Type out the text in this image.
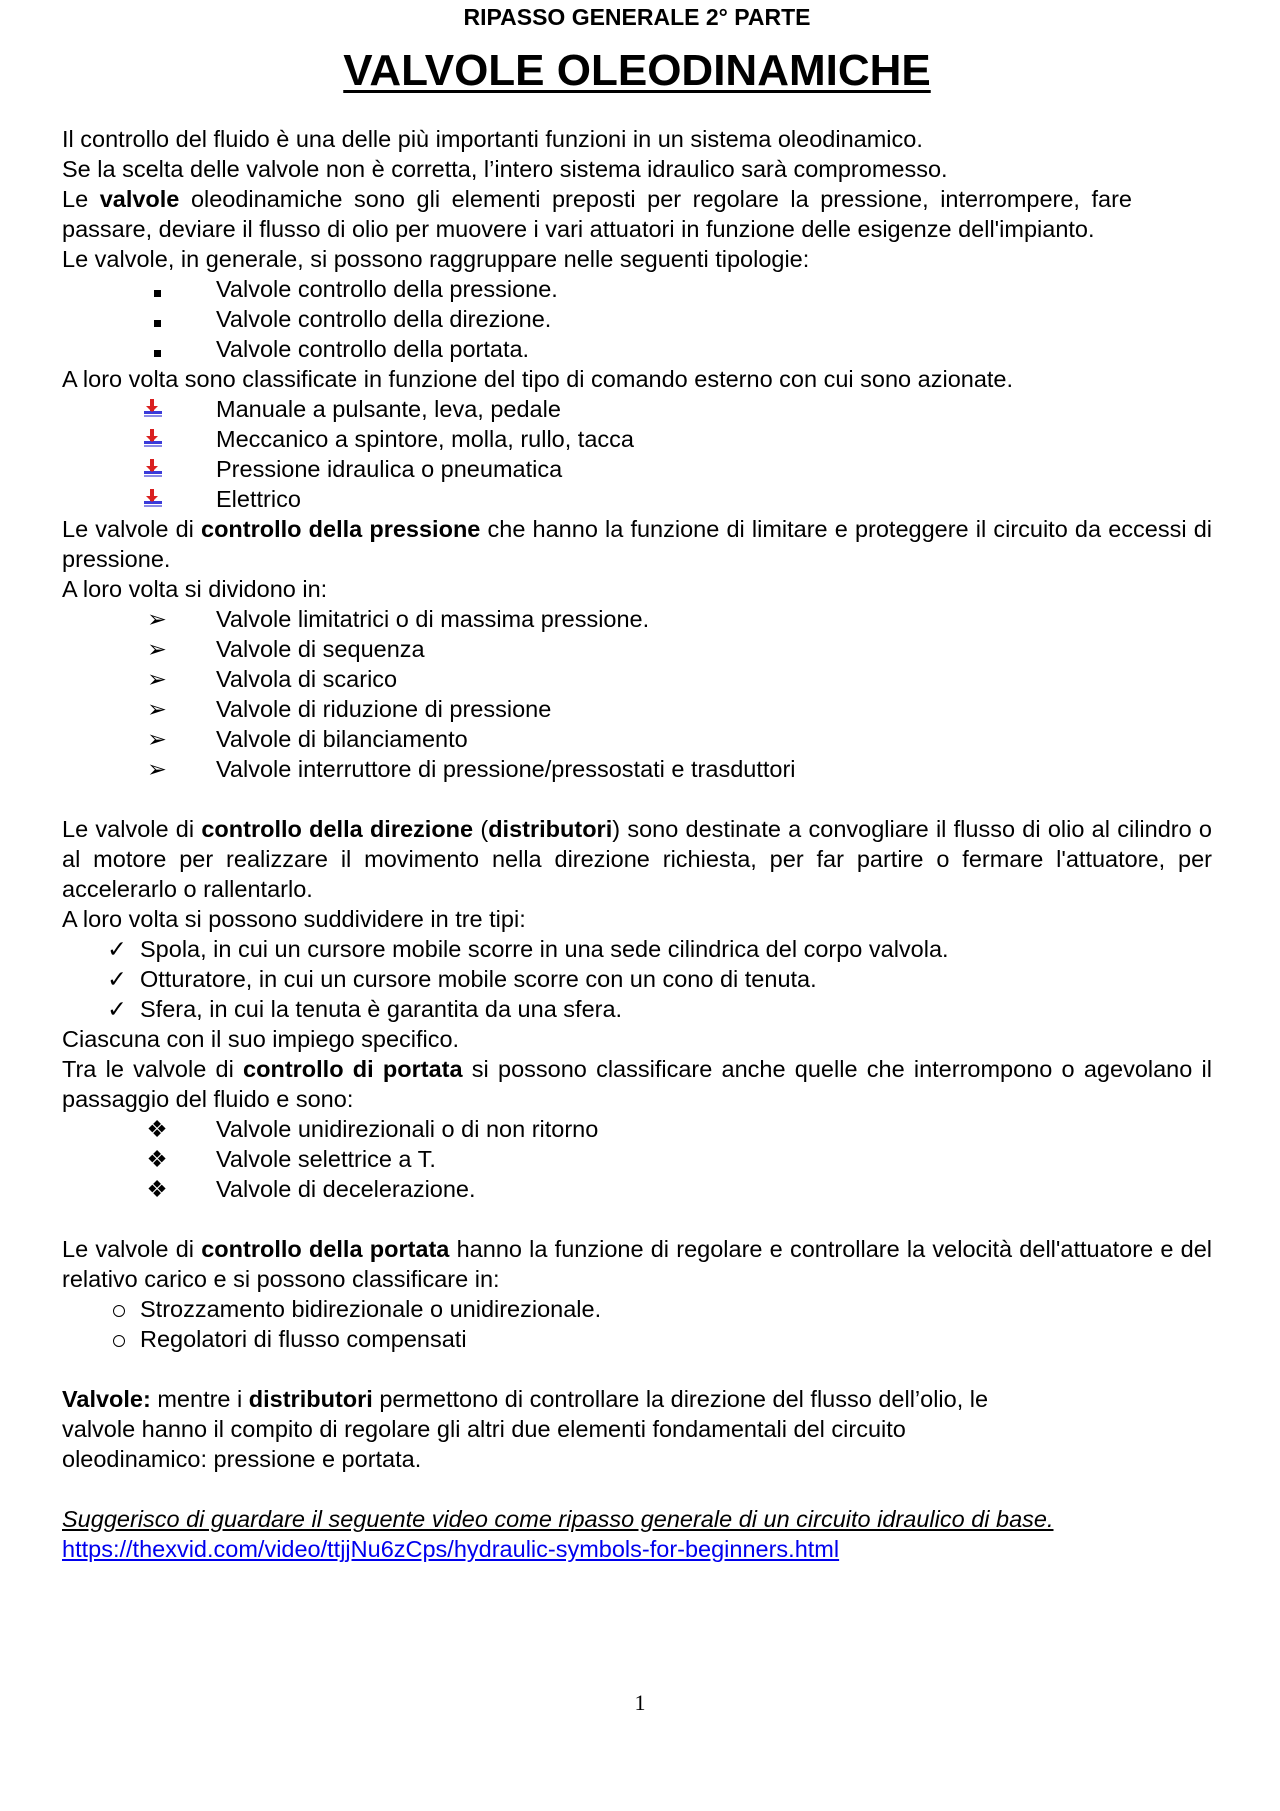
RIPASSO GENERALE 2° PARTE
VALVOLE OLEODINAMICHE

Il controllo del fluido è una delle più importanti funzioni in un sistema oleodinamico.

Se la scelta delle valvole non è corretta, l’intero sistema idraulico sarà compromesso.

Le valvole oleodinamiche sono gli elementi preposti per regolare la pressione, interrompere, fare passare, deviare il flusso di olio per muovere i vari attuatori in funzione delle esigenze dell'impianto.

Le valvole, in generale, si possono raggruppare nelle seguenti tipologie:

Valvole controllo della pressione.
Valvole controllo della direzione.
Valvole controllo della portata.

A loro volta sono classificate in funzione del tipo di comando esterno con cui sono azionate.

Manuale a pulsante, leva, pedale
Meccanico a spintore, molla, rullo, tacca
Pressione idraulica o pneumatica
Elettrico

Le valvole di controllo della pressione che hanno la funzione di limitare e proteggere il circuito da eccessi di pressione.

A loro volta si dividono in:

➢ Valvole limitatrici o di massima pressione.
➢ Valvole di sequenza
➢ Valvola di scarico
➢ Valvole di riduzione di pressione
➢ Valvole di bilanciamento
➢ Valvole interruttore di pressione/pressostati e trasduttori

Le valvole di controllo della direzione (distributori) sono destinate a convogliare il flusso di olio al cilindro o al motore per realizzare il movimento nella direzione richiesta, per far partire o fermare l'attuatore, per accelerarlo o rallentarlo.

A loro volta si possono suddividere in tre tipi:

✓ Spola, in cui un cursore mobile scorre in una sede cilindrica del corpo valvola.
✓ Otturatore, in cui un cursore mobile scorre con un cono di tenuta.
✓ Sfera, in cui la tenuta è garantita da una sfera.

Ciascuna con il suo impiego specifico.

Tra le valvole di controllo di portata si possono classificare anche quelle che interrompono o agevolano il passaggio del fluido e sono:

❖ Valvole unidirezionali o di non ritorno
❖ Valvole selettrice a T.
❖ Valvole di decelerazione.

Le valvole di controllo della portata hanno la funzione di regolare e controllare la velocità dell'attuatore e del relativo carico e si possono classificare in:

Strozzamento bidirezionale o unidirezionale.
Regolatori di flusso compensati

Valvole: mentre i distributori permettono di controllare la direzione del flusso dell’olio, le

valvole hanno il compito di regolare gli altri due elementi fondamentali del circuito

oleodinamico: pressione e portata.

Suggerisco di guardare il seguente video come ripasso generale di un circuito idraulico di base.

https://thexvid.com/video/ttjjNu6zCps/hydraulic-symbols-for-beginners.html

1
